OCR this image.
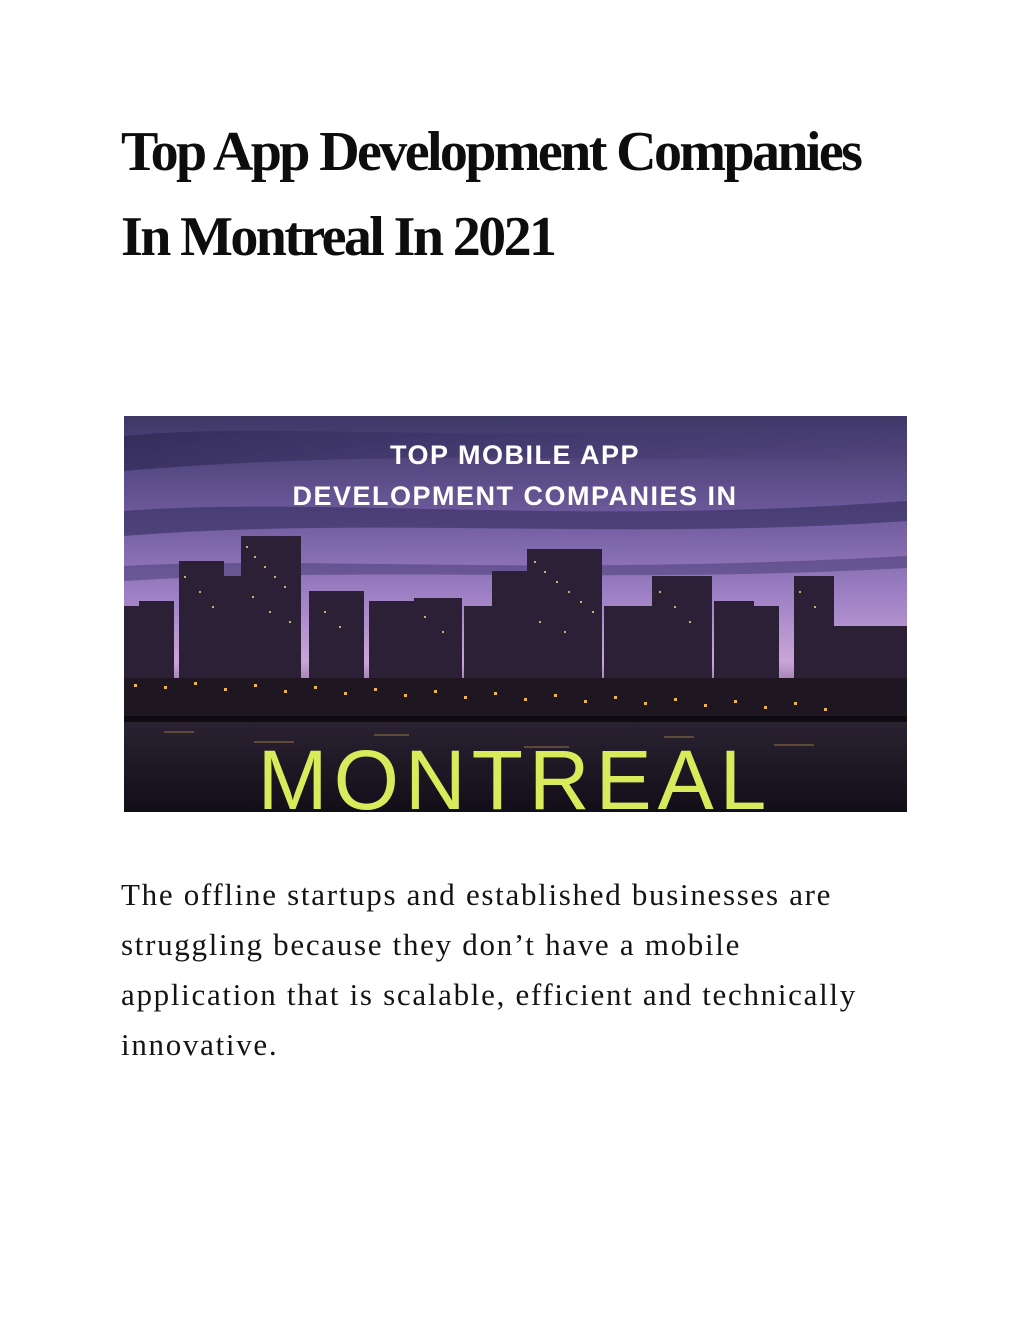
Top App Development Companies In Montreal In 2021
TOP MOBILE APP
DEVELOPMENT COMPANIES IN
MONTREAL

The offline startups and established businesses are struggling because they don’t have a mobile application that is scalable, efficient and technically innovative.
